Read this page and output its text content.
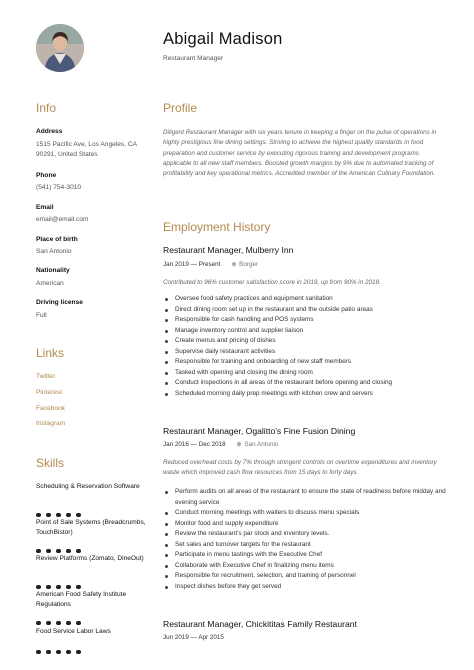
Abigail Madison
Restaurant Manager
Info
Address
1515 Pacific Ave, Los Angeles, CA 90291, United States
Phone
(541) 754-3010
Email
email@email.com
Place of birth
San Antonio
Nationality
American
Driving license
Full
Links
Twitter
Pinterest
Facebook
Instagram
Skills
Scheduling & Reservation Software
Point of Sale Systems (Breadcrumbs, TouchBistor)
Review Platforms (Zomato, DineOut)
American Food Safety Institute Regulations
Food Service Labor Laws
Profile
Diligent Restaurant Manager with six years tenure in keeping a finger on the pulse of operations in highly prestigious fine dining settings. Striving to achieve the highest quality standards in food preparation and customer service by executing rigorous training and development programs applicable to all new staff members. Boosted growth margins by 9% due to automated tracking of profitability and key operational metrics. Accredited member of the American Culinary Foundation.
Employment History
Restaurant Manager, Mulberry Inn
Jan 2019 — Present	Borger
Contributed to 96% customer satisfaction score in 2019, up from 90% in 2018.
Oversee food safety practices and equipment sanitation
Direct dining room set up in the restaurant and the outside patio areas
Responsible for cash handling and POS systems
Manage inventory control and supplier liaison
Create menus and pricing of dishes
Supervise daily restaurant activities
Responsible for training and onboarding of new staff members
Tasked with opening and closing the dining room
Conduct inspections in all areas of the restaurant before opening and closing
Scheduled morning daily prep meetings with kitchen crew and servers
Restaurant Manager, Ogalitto's Fine Fusion Dining
Jan 2016 — Dec 2018	San Antonio
Reduced overhead costs by 7% through stringent controls on overtime expenditures and inventory waste which improved cash flow resources from 15 days to forty days.
Perform audits on all areas of the restaurant to ensure the state of readiness before midday and evening service
Conduct morning meetings with waiters to discuss menu specials
Monitor food and supply expenditure
Review the restaurant's par stock and inventory levels.
Set sales and turnover targets for the restaurant
Participate in menu tastings with the Executive Chef
Collaborate with Executive Chef in finalizing menu items
Responsible for recruitment, selection, and training of personnel
Inspect dishes before they get served
Restaurant Manager, Chickititas Family Restaurant
Jun 2019 — Apr 2015
